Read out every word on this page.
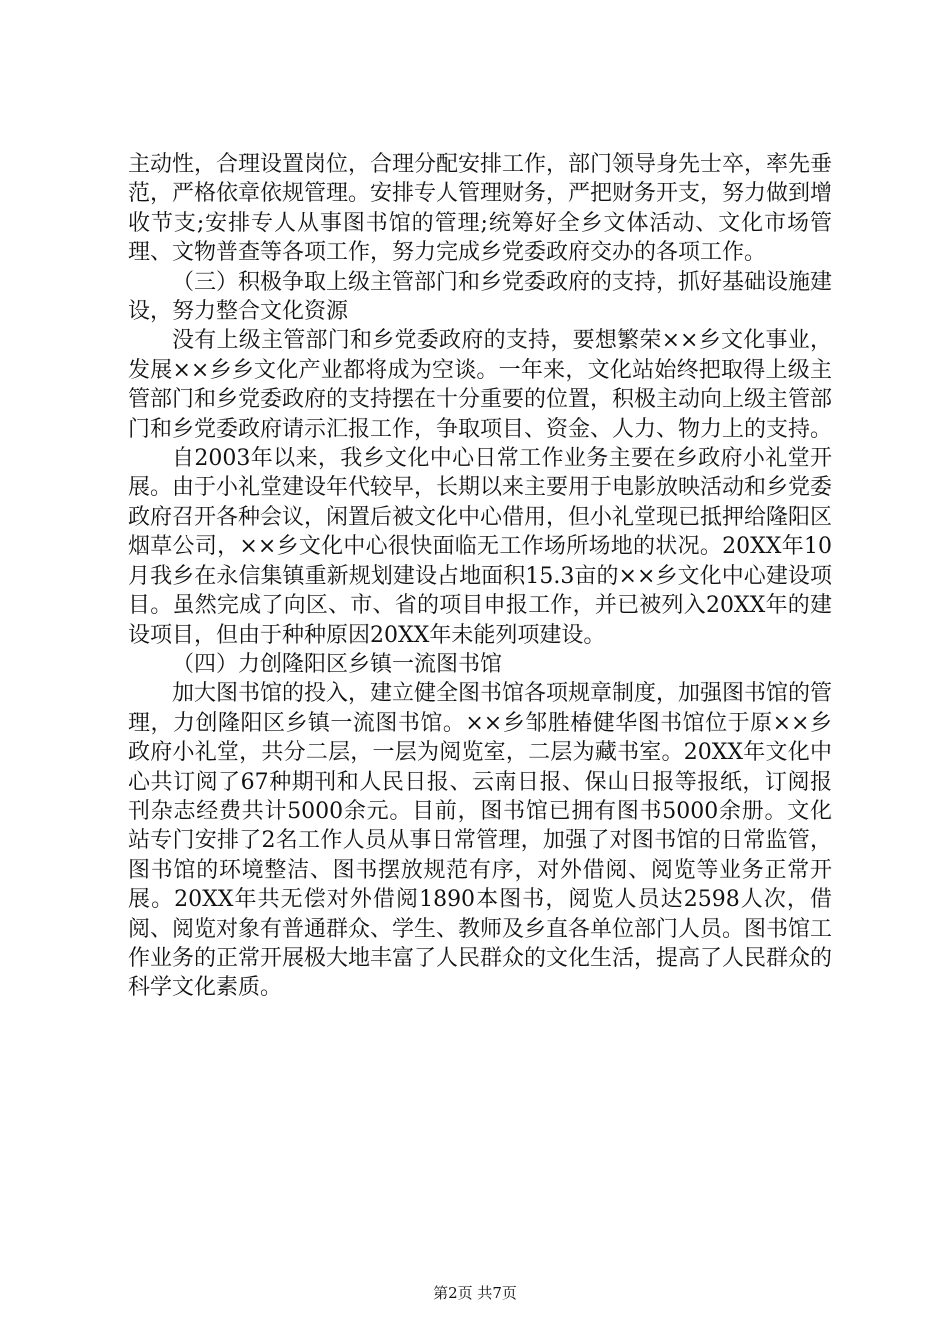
主动性，合理设置岗位，合理分配安排工作，部门领导身先士卒，率先垂范，严格依章依规管理。安排专人管理财务，严把财务开支，努力做到增收节支;安排专人从事图书馆的管理;统筹好全乡文体活动、文化市场管理、文物普查等各项工作，努力完成乡党委政府交办的各项工作。

（三）积极争取上级主管部门和乡党委政府的支持，抓好基础设施建设，努力整合文化资源

没有上级主管部门和乡党委政府的支持，要想繁荣××乡文化事业，发展××乡乡文化产业都将成为空谈。一年来，文化站始终把取得上级主管部门和乡党委政府的支持摆在十分重要的位置，积极主动向上级主管部门和乡党委政府请示汇报工作，争取项目、资金、人力、物力上的支持。

自2003年以来，我乡文化中心日常工作业务主要在乡政府小礼堂开展。由于小礼堂建设年代较早，长期以来主要用于电影放映活动和乡党委政府召开各种会议，闲置后被文化中心借用，但小礼堂现已抵押给隆阳区烟草公司，××乡文化中心很快面临无工作场所场地的状况。20XX年10月我乡在永信集镇重新规划建设占地面积15.3亩的××乡文化中心建设项目。虽然完成了向区、市、省的项目申报工作，并已被列入20XX年的建设项目，但由于种种原因20XX年未能列项建设。

（四）力创隆阳区乡镇一流图书馆

加大图书馆的投入，建立健全图书馆各项规章制度，加强图书馆的管理，力创隆阳区乡镇一流图书馆。××乡邹胜椿健华图书馆位于原××乡政府小礼堂，共分二层，一层为阅览室，二层为藏书室。20XX年文化中心共订阅了67种期刊和人民日报、云南日报、保山日报等报纸，订阅报刊杂志经费共计5000余元。目前，图书馆已拥有图书5000余册。文化站专门安排了2名工作人员从事日常管理，加强了对图书馆的日常监管，图书馆的环境整洁、图书摆放规范有序，对外借阅、阅览等业务正常开展。20XX年共无偿对外借阅1890本图书，阅览人员达2598人次，借阅、阅览对象有普通群众、学生、教师及乡直各单位部门人员。图书馆工作业务的正常开展极大地丰富了人民群众的文化生活，提高了人民群众的科学文化素质。

第2页 共7页
